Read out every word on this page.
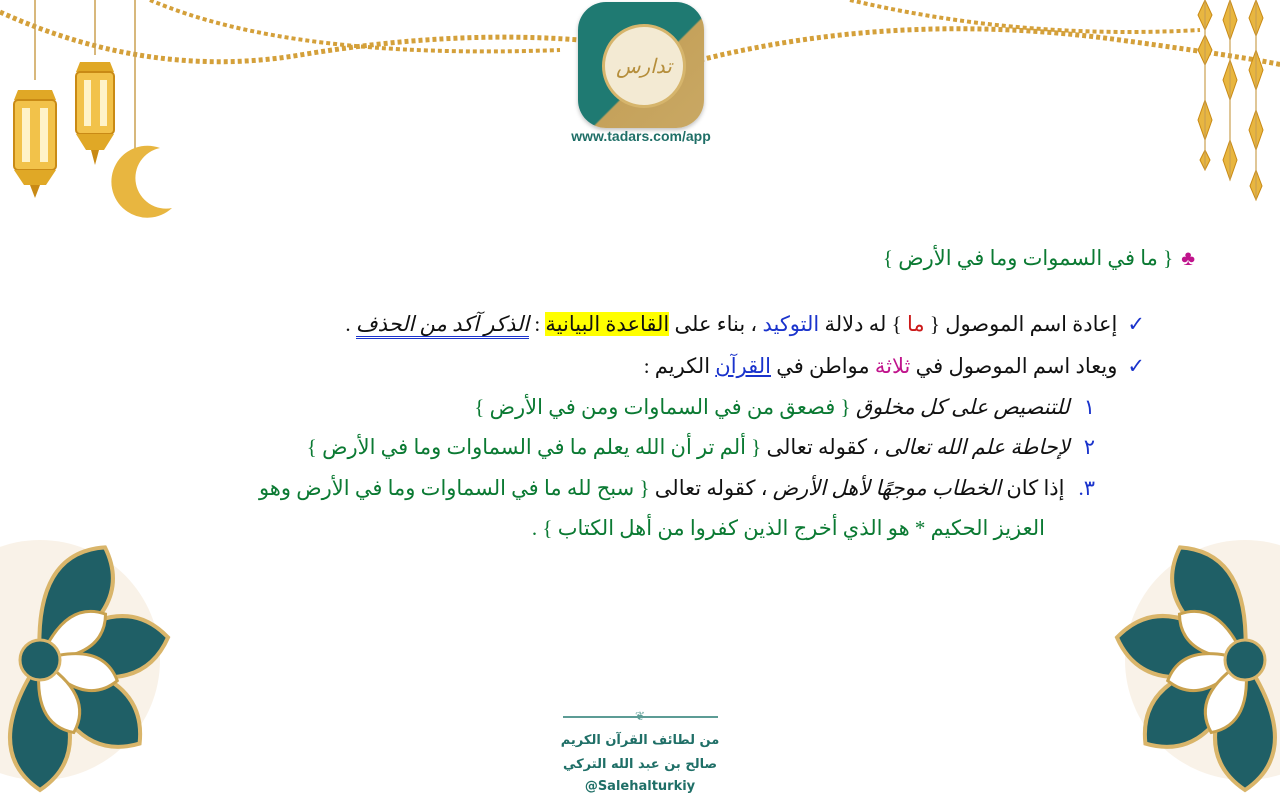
تدارس
www.tadars.com/app
♣{ ما في السموات وما في الأرض }
✓إعادة اسم الموصول { ما } له دلالة التوكيد ، بناء على القاعدة البيانية : الذكر آكد من الحذف .
✓ويعاد اسم الموصول في ثلاثة مواطن في القرآن الكريم :
١للتنصيص على كل مخلوق { فصعق من في السماوات ومن في الأرض }
٢لإحاطة علم الله تعالى ، كقوله تعالى { ألم تر أن الله يعلم ما في السماوات وما في الأرض }
٣.إذا كان الخطاب موجهًا لأهل الأرض ، كقوله تعالى { سبح لله ما في السماوات وما في الأرض وهو
العزيز الحكيم * هو الذي أخرج الذين كفروا من أهل الكتاب } .
❦
من لطائف القرآن الكريم
صالح بن عبد الله التركي
@Salehalturkiy
